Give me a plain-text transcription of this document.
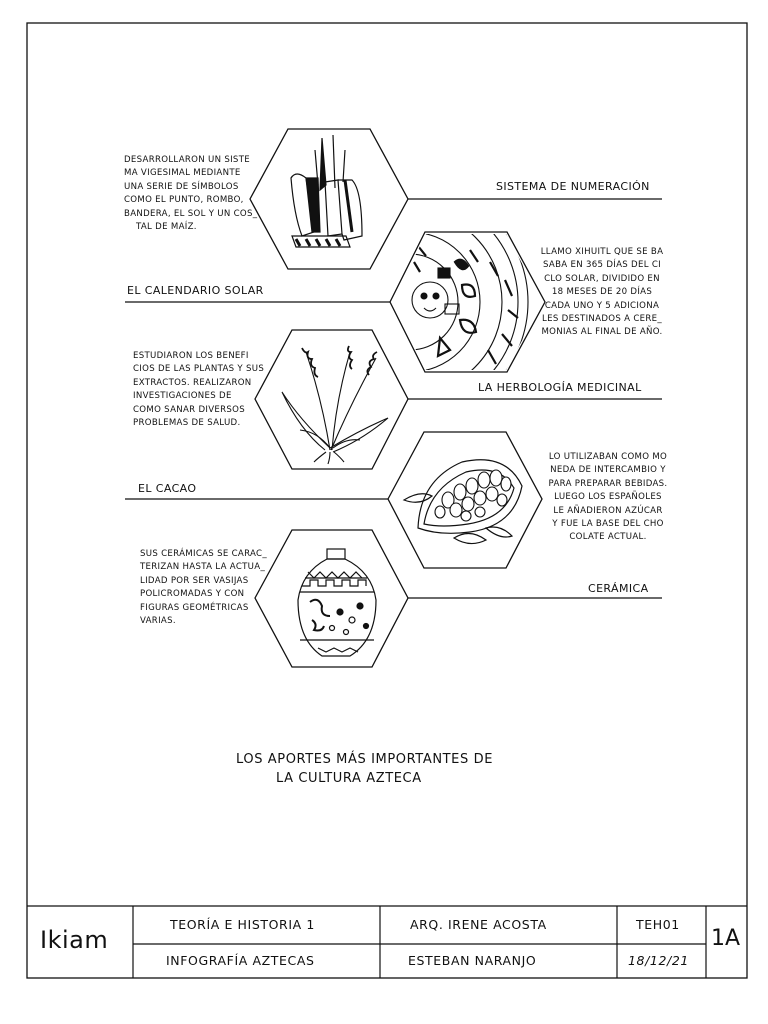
DESARROLLARON UN SISTE
MA VIGESIMAL MEDIANTE
UNA SERIE DE SÍMBOLOS
COMO EL PUNTO, ROMBO,
BANDERA, EL SOL Y UN COS_
TAL DE MAÍZ.
SISTEMA DE NUMERACIÓN
EL CALENDARIO SOLAR
LLAMO XIHUITL QUE SE BA
SABA EN 365 DÍAS DEL CI
CLO SOLAR, DIVIDIDO EN
18 MESES DE 20 DÍAS
CADA UNO Y 5 ADICIONA
LES DESTINADOS A CERE_
MONIAS AL FINAL DE AÑO.
ESTUDIARON LOS BENEFI
CIOS DE LAS PLANTAS Y SUS
EXTRACTOS. REALIZARON
INVESTIGACIONES DE
COMO SANAR DIVERSOS
PROBLEMAS DE SALUD.
LA HERBOLOGÍA MEDICINAL
EL CACAO
LO UTILIZABAN COMO MO
NEDA DE INTERCAMBIO Y
PARA PREPARAR BEBIDAS.
LUEGO LOS ESPAÑOLES
LE AÑADIERON AZÚCAR
Y FUE LA BASE DEL CHO
COLATE ACTUAL.
SUS CERÁMICAS SE CARAC_
TERIZAN HASTA LA ACTUA_
LIDAD POR SER VASIJAS
POLICROMADAS Y CON
FIGURAS GEOMÉTRICAS
VARIAS.
CERÁMICA
LOS APORTES MÁS IMPORTANTES DE
LA CULTURA AZTECA
Ikiam
TEORÍA E HISTORIA 1
INFOGRAFÍA AZTECAS
ARQ. IRENE ACOSTA
ESTEBAN NARANJO
TEH01
18/12/21
1A
